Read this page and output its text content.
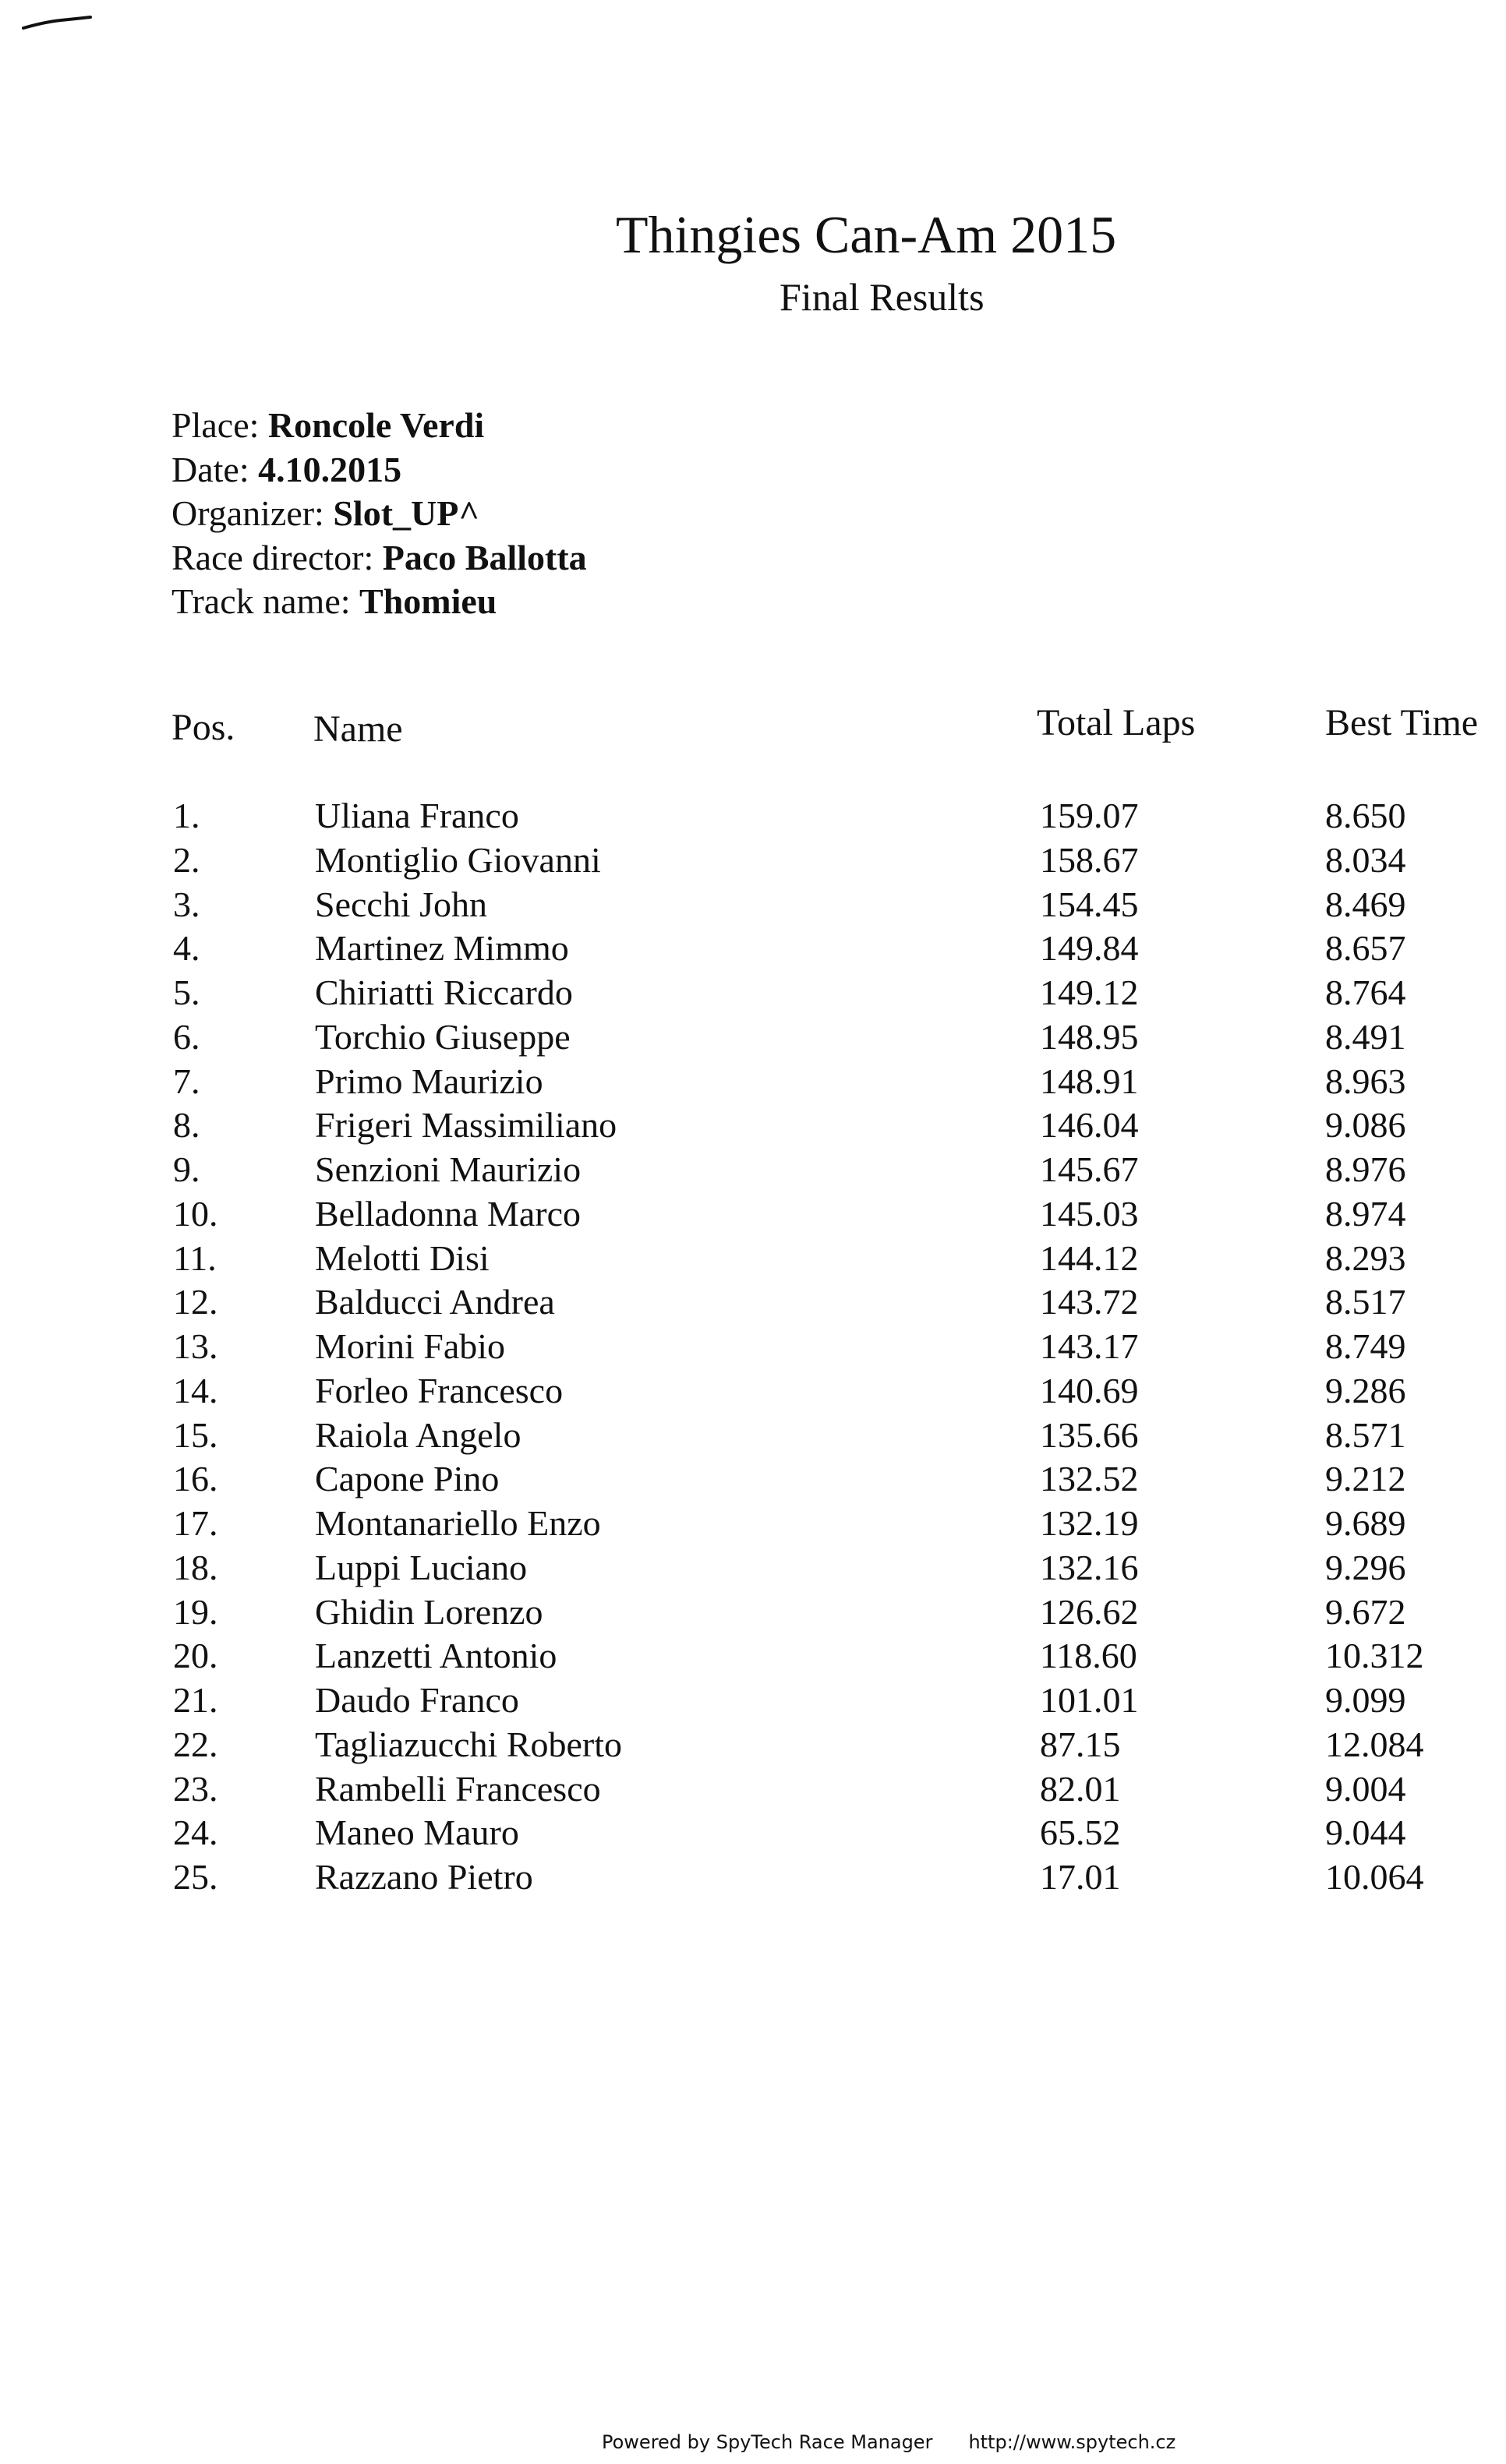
Thingies Can-Am 2015
Final Results
Place: Roncole Verdi
Date: 4.10.2015
Organizer: Slot_UP^
Race director: Paco Ballotta
Track name: Thomieu
Pos. Name	Total Laps	Best Time
1.	Uliana Franco	159.07	8.650
2.	Montiglio Giovanni	158.67	8.034
3.	Secchi John	154.45	8.469
4.	Martinez Mimmo	149.84	8.657
5.	Chiriatti Riccardo	149.12	8.764
6.	Torchio Giuseppe	148.95	8.491
7.	Primo Maurizio	148.91	8.963
8.	Frigeri Massimiliano	146.04	9.086
9.	Senzioni Maurizio	145.67	8.976
10.	Belladonna Marco	145.03	8.974
11.	Melotti Disi	144.12	8.293
12.	Balducci Andrea	143.72	8.517
13.	Morini Fabio	143.17	8.749
14.	Forleo Francesco	140.69	9.286
15.	Raiola Angelo	135.66	8.571
16.	Capone Pino	132.52	9.212
17.	Montanariello Enzo	132.19	9.689
18.	Luppi Luciano	132.16	9.296
19.	Ghidin Lorenzo	126.62	9.672
20.	Lanzetti Antonio	118.60	10.312
21.	Daudo Franco	101.01	9.099
22.	Tagliazucchi Roberto	87.15	12.084
23.	Rambelli Francesco	82.01	9.004
24.	Maneo Mauro	65.52	9.044
25.	Razzano Pietro	17.01	10.064
Powered by SpyTech Race Manager http://www.spytech.cz
